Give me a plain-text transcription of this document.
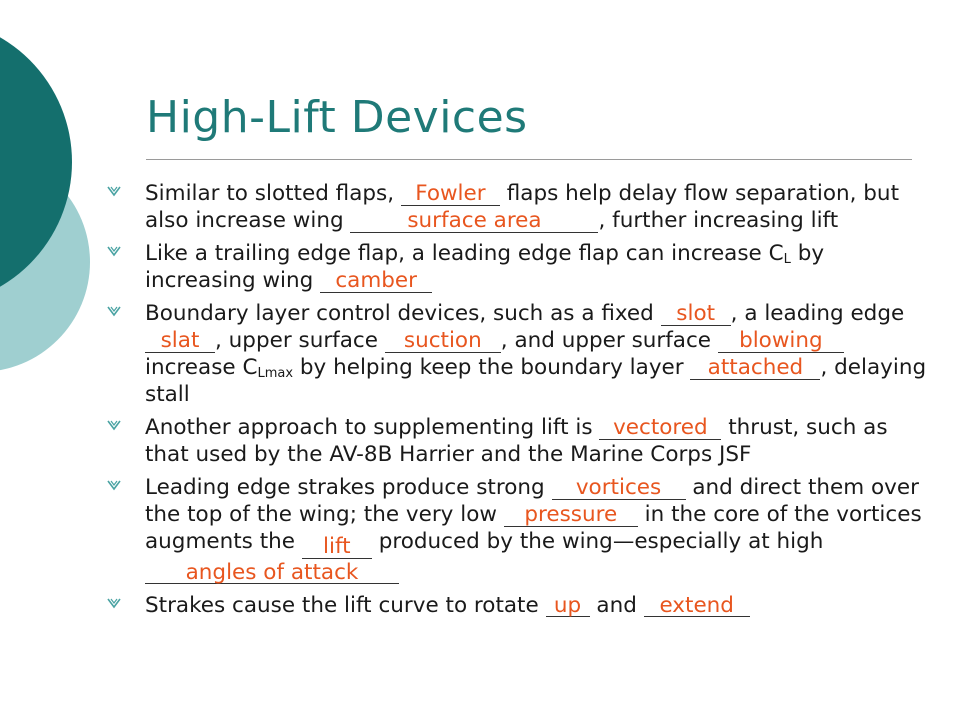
High-Lift Devices
Similar to slotted flaps, Fowler flaps help delay flow separation, but also increase wing	surface area	, further increasing lift
Like a trailing edge flap, a leading edge flap can increase $C_L$ by increasing wing camber
Boundary layer control devices, such as a fixed slot , a leading edge slat , upper surface suction , and upper surface blowing increase $C_{Lmax}$ by helping keep the boundary layer attached , delaying stall
Another approach to supplementing lift is vectored thrust, such as that used by the AV-8B Harrier and the Marine Corps JSF
Leading edge strakes produce strong vortices and direct them over the top of the wing; the very low pressure in the core of the vortices augments the lift produced by the wing—especially at high angles of attack
Strakes cause the lift curve to rotate up and extend
